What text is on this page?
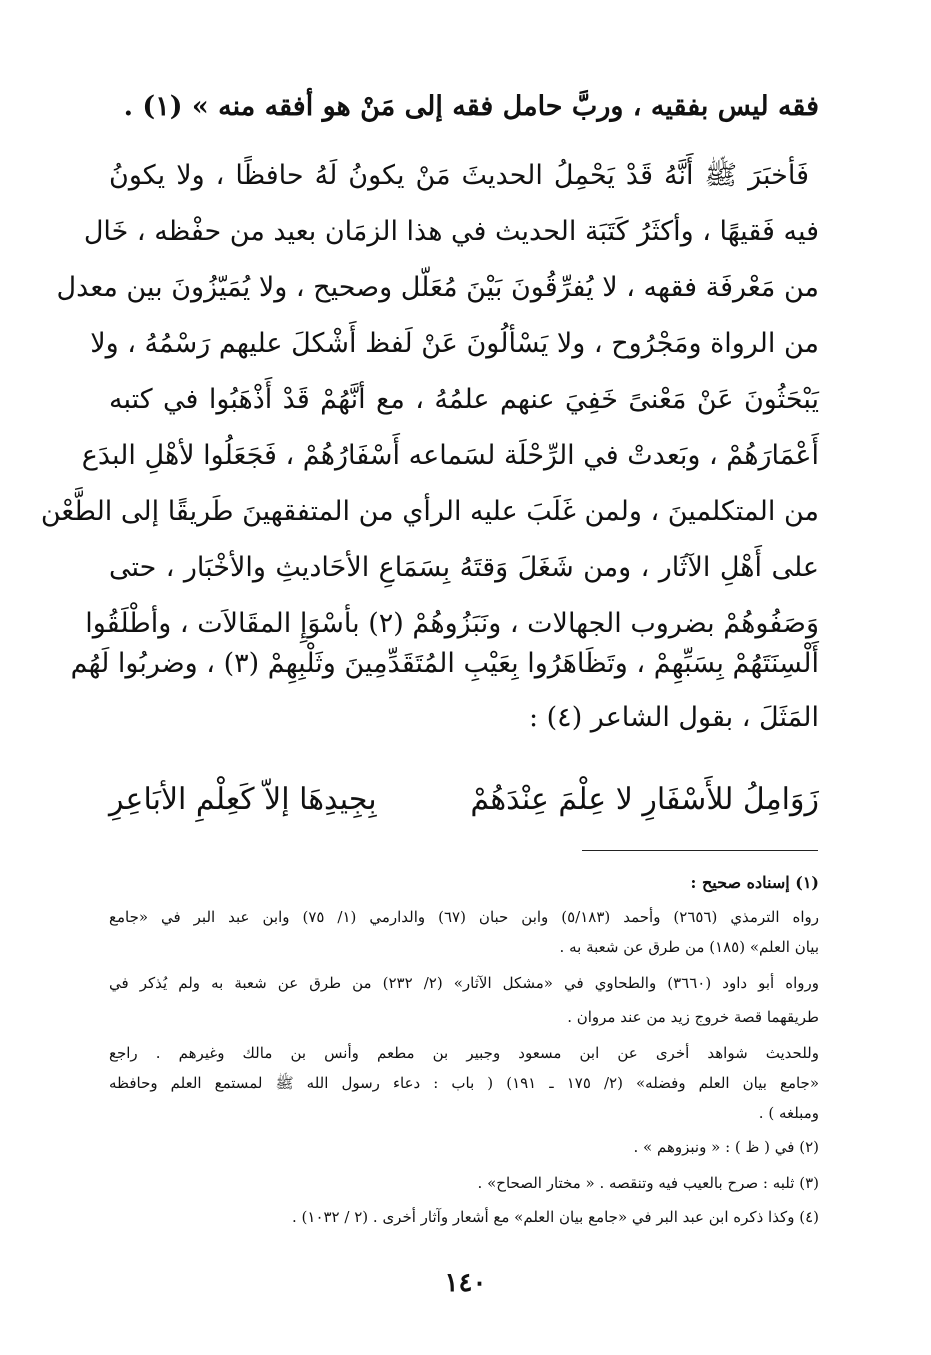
فقه ليس بفقيه ، وربَّ حامل فقه إلى مَنْ هو أفقه منه » (١) .
فَأخبَرَ ﷺ أَنَّهُ قَدْ يَحْمِلُ الحديثَ مَنْ يكونُ لَهُ حافظًا ، ولا يكونُ
فيه فَقيهًا ، وأكثَرُ كَتَبَة الحديث في هذا الزمَان بعيد من حفْظه ، خَال
من مَعْرفَة فقهه ، لا يُفرِّقُونَ بَيْنَ مُعَلّل وصحيح ، ولا يُمَيّزُونَ بين معدل
من الرواة ومَجْرُوح ، ولا يَسْألُونَ عَنْ لَفظ أَشْكلَ عليهم رَسْمُهُ ، ولا
يَبْحَثُونَ عَنْ مَعْنىً خَفِيَ عنهم علمُهُ ، مع أنَّهُمْ قَدْ أَذْهَبُوا في كتبه
أَعْمَارَهُمْ ، وبَعدتْ في الرِّحْلَة لسَماعه أَسْفَارُهُمْ ، فَجَعَلُوا لأهْلِ البدَع
من المتكلمينَ ، ولمن غَلَبَ عليه الرأي من المتفقهينَ طَريقًا إلى الطَّعْن
على أَهْلِ الآثَار ، ومن شَغَلَ وَقتَهُ بِسَمَاعِ الأحَاديثِ والأخْبَار ، حتى
وَصَفُوهُمْ بضروب الجهالات ، ونَبَزُوهُمْ (٢) بأسْوَإِ المقَالاَت ، وأطْلَقُوا
أَلْسِنَتَهُمْ بِسَبِّهِمْ ، وتَظَاهَرُوا بِعَيْبِ المُتَقَدِّمِينَ وثَلْبِهِمْ (٣) ، وضربُوا لَهُم
المَثَلَ ، بقول الشاعر (٤) :
زَوَامِلُ للأَسْفَارِ لا عِلْمَ عِنْدَهُمْ
بِجِيدِهَا إلاّ كَعِلْمِ الأبَاعِرِ
(١) إسناده صحيح :
رواه الترمذي (٢٦٥٦) وأحمد (٥/١٨٣) وابن حبان (٦٧) والدارمي (١/ ٧٥) وابن عبد البر في «جامع
بيان العلم» (١٨٥) من طرق عن شعبة به .
ورواه أبو داود (٣٦٦٠) والطحاوي في «مشكل الآثار» (٢/ ٢٣٢) من طرق عن شعبة به ولم يُذكر في
طريقهما قصة خروج زيد من عند مروان .
وللحديث شواهد أخرى عن ابن مسعود وجبير بن مطعم وأنس بن مالك وغيرهم . راجع
«جامع بيان العلم وفضله» (٢/ ١٧٥ ـ ١٩١) ( باب : دعاء رسول الله ﷺ لمستمع العلم وحافظه
ومبلغه ) .
(٢) في ( ظ ) : « ونبزوهم » .
(٣) ثلبه : صرح بالعيب فيه وتنقصه . « مختار الصحاح» .
(٤) وكذا ذكره ابن عبد البر في «جامع بيان العلم» مع أشعار وآثار أخرى . (٢ / ١٠٣٢) .
١٤٠
